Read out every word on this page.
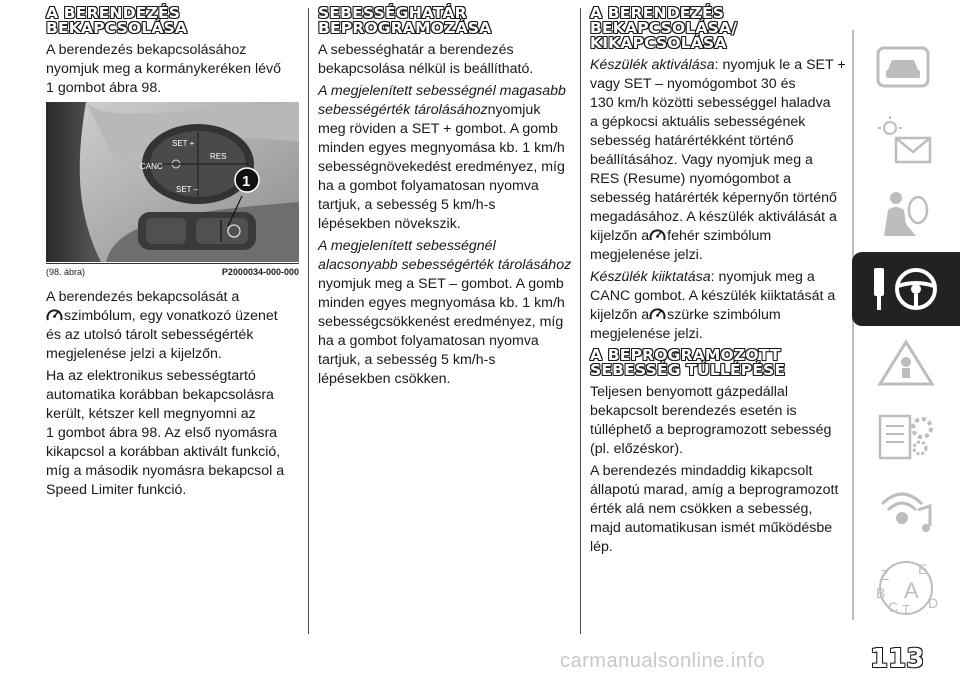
A BERENDEZÉS
BEKAPCSOLÁSA

A berendezés bekapcsolásához
nyomjuk meg a kormánykeréken lévő
1 gombot ábra 98.

SET +
CANC
RES
SET –	1
(98. ábra)	P2000034-000-000

A berendezés bekapcsolását a
szimbólum, egy vonatkozó üzenet
és az utolsó tárolt sebességérték
megjelenése jelzi a kijelzőn.

Ha az elektronikus sebességtartó
automatika korábban bekapcsolásra
került, kétszer kell megnyomni az
1 gombot ábra 98. Az első nyomásra
kikapcsol a korábban aktivált funkció,
míg a második nyomásra bekapcsol a
Speed Limiter funkció.

SEBESSÉGHATÁR
BEPROGRAMOZÁSA

A sebességhatár a berendezés
bekapcsolása nélkül is beállítható.

A megjelenített sebességnél magasabb
sebességérték tárolásáhoznyomjuk
meg röviden a SET + gombot. A gomb
minden egyes megnyomása kb. 1 km/h
sebességnövekedést eredményez, míg
ha a gombot folyamatosan nyomva
tartjuk, a sebesség 5 km/h-s
lépésekben növekszik.

A megjelenített sebességnél
alacsonyabb sebességérték tárolásához
nyomjuk meg a SET – gombot. A gomb
minden egyes megnyomása kb. 1 km/h
sebességcsökkenést eredményez, míg
ha a gombot folyamatosan nyomva
tartjuk, a sebesség 5 km/h-s
lépésekben csökken.

A BERENDEZÉS
BEKAPCSOLÁSA/
KIKAPCSOLÁSA

Készülék aktiválása: nyomjuk le a SET +
vagy SET – nyomógombot 30 és
130 km/h közötti sebességgel haladva
a gépkocsi aktuális sebességének
sebesség határértékként történő
beállításához. Vagy nyomjuk meg a
RES (Resume) nyomógombot a
sebesség határérték képernyőn történő
megadásához. A készülék aktiválását a
kijelzőn a fehér szimbólum
megjelenése jelzi.

Készülék kiiktatása: nyomjuk meg a
CANC gombot. A készülék kiiktatását a
kijelzőn a szürke szimbólum
megjelenése jelzi.

A BEPROGRAMOZOTT
SEBESSÉG TÚLLÉPÉSE

Teljesen benyomott gázpedállal
bekapcsolt berendezés esetén is
túlléphető a beprogramozott sebesség
(pl. előzéskor).

A berendezés mindaddig kikapcsolt
állapotú marad, amíg a beprogramozott
érték alá nem csökken a sebesség,
majd automatikusan ismét működésbe
lép.

Z E
B A
C T D
carmanualsonline.info	113
